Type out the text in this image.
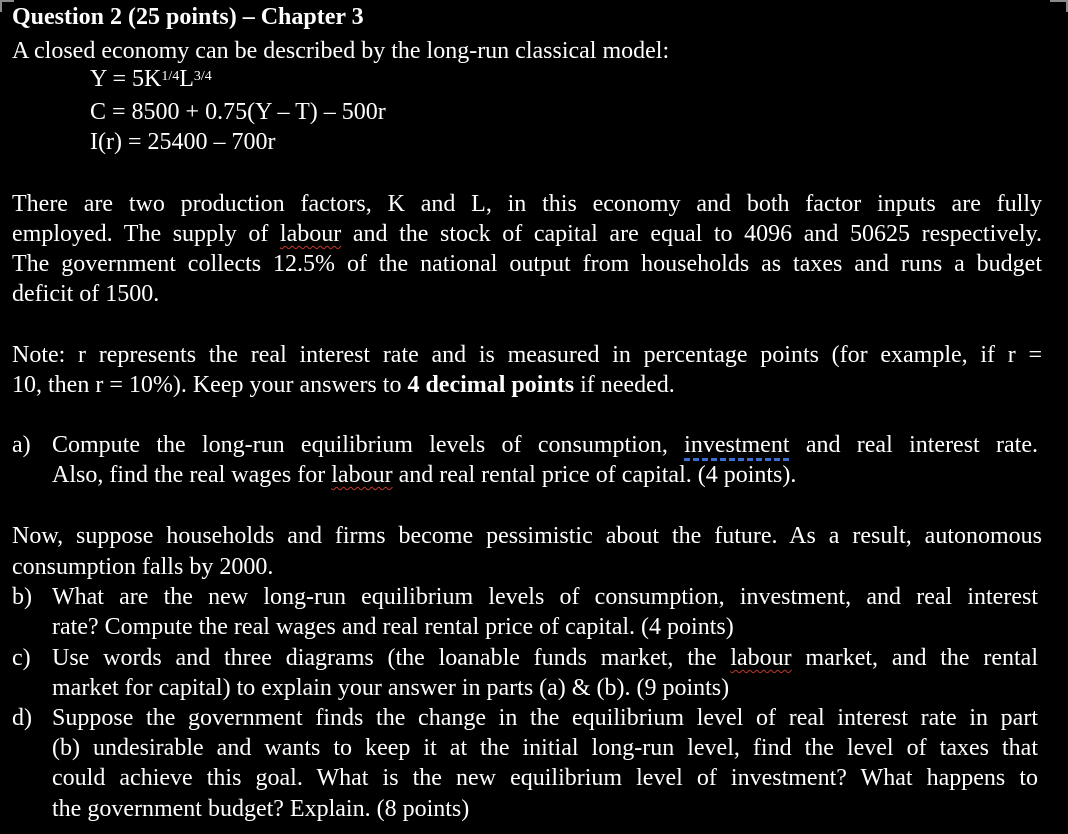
Question 2 (25 points) – Chapter 3
A closed economy can be described by the long-run classical model:
$Y = 5K^{1/4}L^{3/4}$
C = 8500 + 0.75(Y – T) – 500r
I(r) = 25400 – 700r
There are two production factors, K and L, in this economy and both factor inputs are fully
employed. The supply of labour and the stock of capital are equal to 4096 and 50625 respectively.
The government collects 12.5% of the national output from households as taxes and runs a budget
deficit of 1500.
Note: r represents the real interest rate and is measured in percentage points (for example, if r =
10, then r = 10%). Keep your answers to 4 decimal points if needed.
a) Compute the long-run equilibrium levels of consumption, investment and real interest rate.
Also, find the real wages for labour and real rental price of capital. (4 points).
Now, suppose households and firms become pessimistic about the future. As a result, autonomous
consumption falls by 2000.
b) What are the new long-run equilibrium levels of consumption, investment, and real interest
rate? Compute the real wages and real rental price of capital. (4 points)
c) Use words and three diagrams (the loanable funds market, the labour market, and the rental
market for capital) to explain your answer in parts (a) & (b). (9 points)
d) Suppose the government finds the change in the equilibrium level of real interest rate in part
(b) undesirable and wants to keep it at the initial long-run level, find the level of taxes that
could achieve this goal. What is the new equilibrium level of investment? What happens to
the government budget? Explain. (8 points)
